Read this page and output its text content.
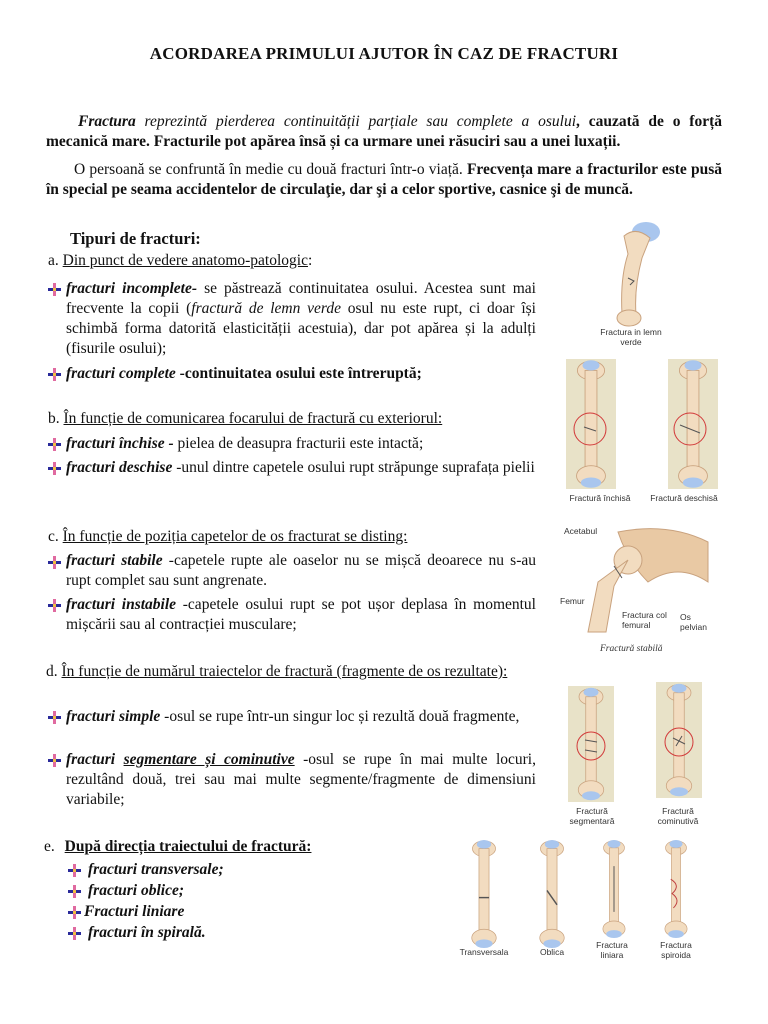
ACORDAREA PRIMULUI AJUTOR ÎN CAZ DE FRACTURI
Fractura reprezintă pierderea continuității parțiale sau complete a osului, cauzată de o forță mecanică mare. Fracturile pot apărea însă și ca urmare unei răsuciri sau a unei luxații.
O persoană se confruntă în medie cu două fracturi într-o viață. Frecvența mare a fracturilor este pusă în special pe seama accidentelor de circulaţie, dar şi a celor sportive, casnice şi de muncă.
Tipuri de fracturi:
a. Din punct de vedere anatomo-patologic:
fracturi incomplete- se păstrează continuitatea osului. Acestea sunt mai frecvente la copii (fractură de lemn verde osul nu este rupt, ci doar își schimbă forma datorită elasticității acestuia), dar pot apărea și la adulți (fisurile osului);
fracturi complete -continuitatea osului este întreruptă;
b. În funcție de comunicarea focarului de fractură cu exteriorul:
fracturi închise - pielea de deasupra fracturii este intactă;
fracturi deschise -unul dintre capetele osului rupt străpunge suprafața pielii
c. În funcție de poziția capetelor de os fracturat se disting:
fracturi stabile -capetele rupte ale oaselor nu se mișcă deoarece nu s-au rupt complet sau sunt angrenate.
fracturi instabile -capetele osului rupt se pot ușor deplasa în momentul mișcării sau al contracției musculare;
d. În funcție de numărul traiectelor de fractură (fragmente de os rezultate):
fracturi simple -osul se rupe într-un singur loc și rezultă două fragmente,
fracturi segmentare și cominutive -osul se rupe în mai multe locuri, rezultând două, trei sau mai multe segmente/fragmente de dimensiuni variabile;
e. După direcția traiectului de fractură:
fracturi transversale;
fracturi oblice;
Fracturi liniare
fracturi în spirală.
Fractura in lemn verde
Fractură închisă	Fractură deschisă
Acetabul
Femur
Fractura col femural
Os pelvian
Fractură stabilă
Fractură segmentară
Fractură cominutivă
Transversala	Oblica
Fractura liniara
Fractura spiroida
